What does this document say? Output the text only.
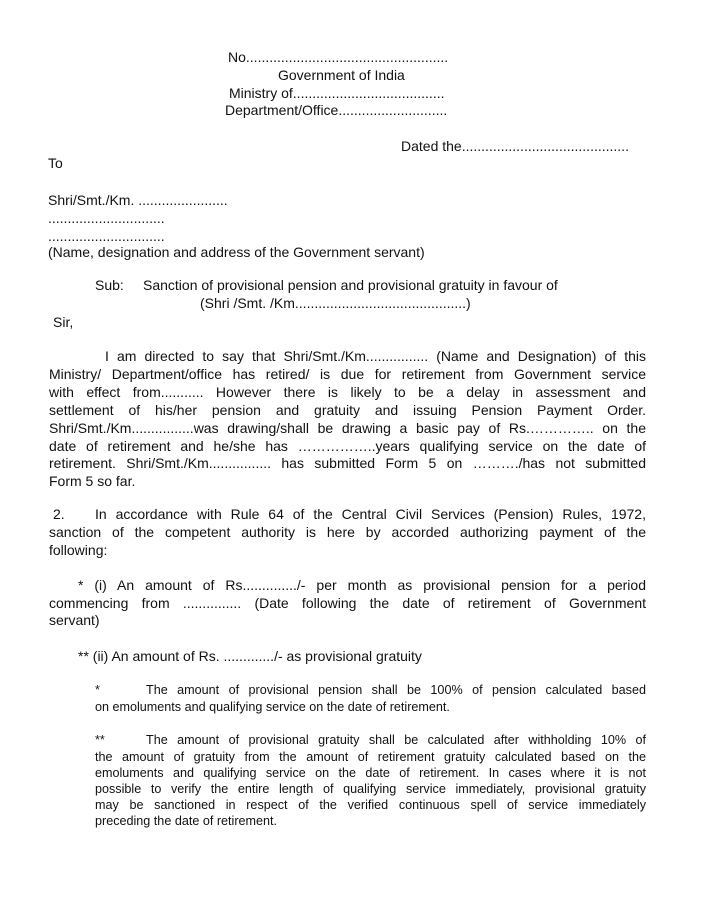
No....................................................
Government of India
Ministry of.......................................
Department/Office............................
Dated the...........................................
To
Shri/Smt./Km. .......................
..............................
..............................
(Name, designation and address of the Government servant)
Sub: Sanction of provisional pension and provisional gratuity in favour of
(Shri /Smt. /Km............................................)
Sir,
I am directed to say that Shri/Smt./Km................ (Name and Designation) of this
Ministry/ Department/office has retired/ is due for retirement from Government service
with effect from........... However there is likely to be a delay in assessment and
settlement of his/her pension and gratuity and issuing Pension Payment Order.
Shri/Smt./Km................was drawing/shall be drawing a basic pay of Rs.………….. on the
date of retirement and he/she has ……………..years qualifying service on the date of
retirement. Shri/Smt./Km................ has submitted Form 5 on ………./has not submitted
Form 5 so far.
2. In accordance with Rule 64 of the Central Civil Services (Pension) Rules, 1972,
sanction of the competent authority is here by accorded authorizing payment of the
following:
* (i) An amount of Rs............../- per month as provisional pension for a period
commencing from ............... (Date following the date of retirement of Government
servant)
** (ii) An amount of Rs. ............./- as provisional gratuity
*	The amount of provisional pension shall be 100% of pension calculated based
on emoluments and qualifying service on the date of retirement.
**	The amount of provisional gratuity shall be calculated after withholding 10% of
the amount of gratuity from the amount of retirement gratuity calculated based on the
emoluments and qualifying service on the date of retirement. In cases where it is not
possible to verify the entire length of qualifying service immediately, provisional gratuity
may be sanctioned in respect of the verified continuous spell of service immediately
preceding the date of retirement.
